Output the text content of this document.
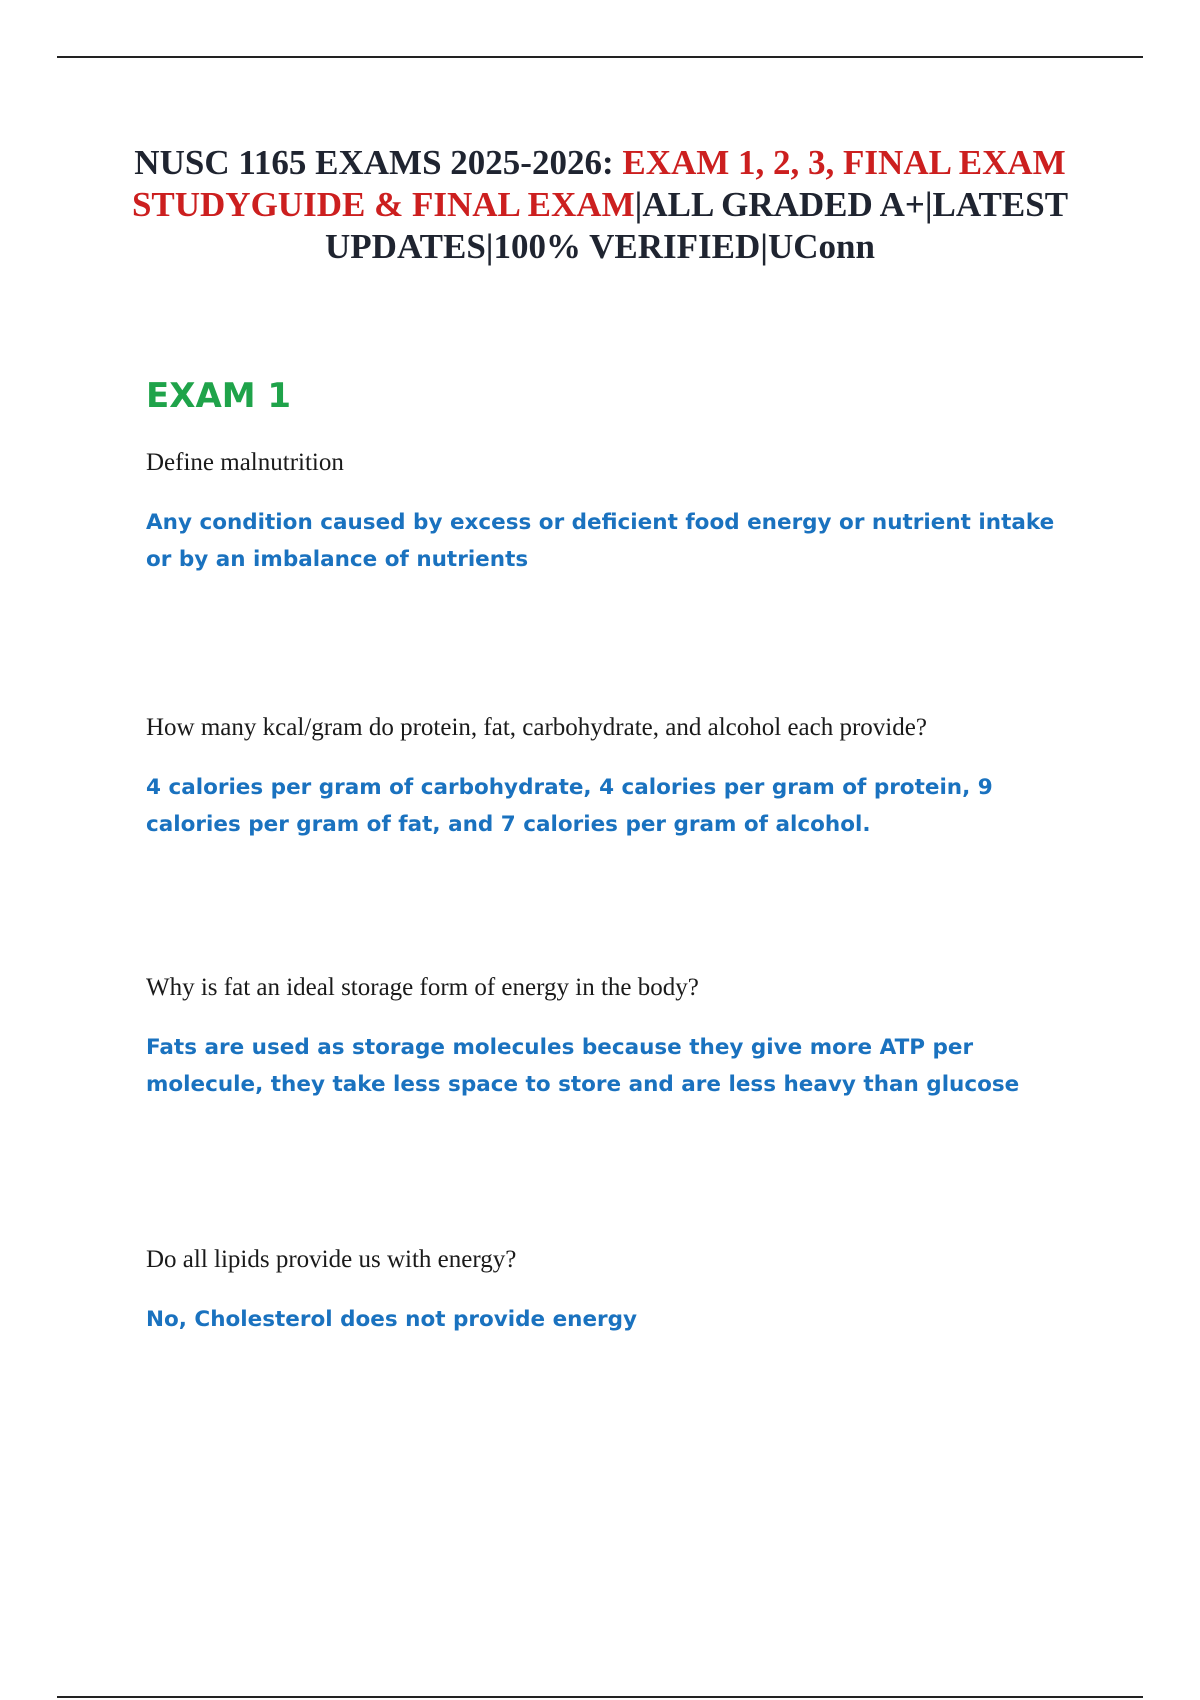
NUSC 1165 EXAMS 2025-2026: EXAM 1, 2, 3, FINAL EXAM STUDYGUIDE & FINAL EXAM|ALL GRADED A+|LATEST UPDATES|100% VERIFIED|UConn
EXAM 1

Define malnutrition

Any condition caused by excess or deficient food energy or nutrient intake or by an imbalance of nutrients

How many kcal/gram do protein, fat, carbohydrate, and alcohol each provide?

4 calories per gram of carbohydrate, 4 calories per gram of protein, 9 calories per gram of fat, and 7 calories per gram of alcohol.

Why is fat an ideal storage form of energy in the body?

Fats are used as storage molecules because they give more ATP per molecule, they take less space to store and are less heavy than glucose

Do all lipids provide us with energy?

No, Cholesterol does not provide energy
